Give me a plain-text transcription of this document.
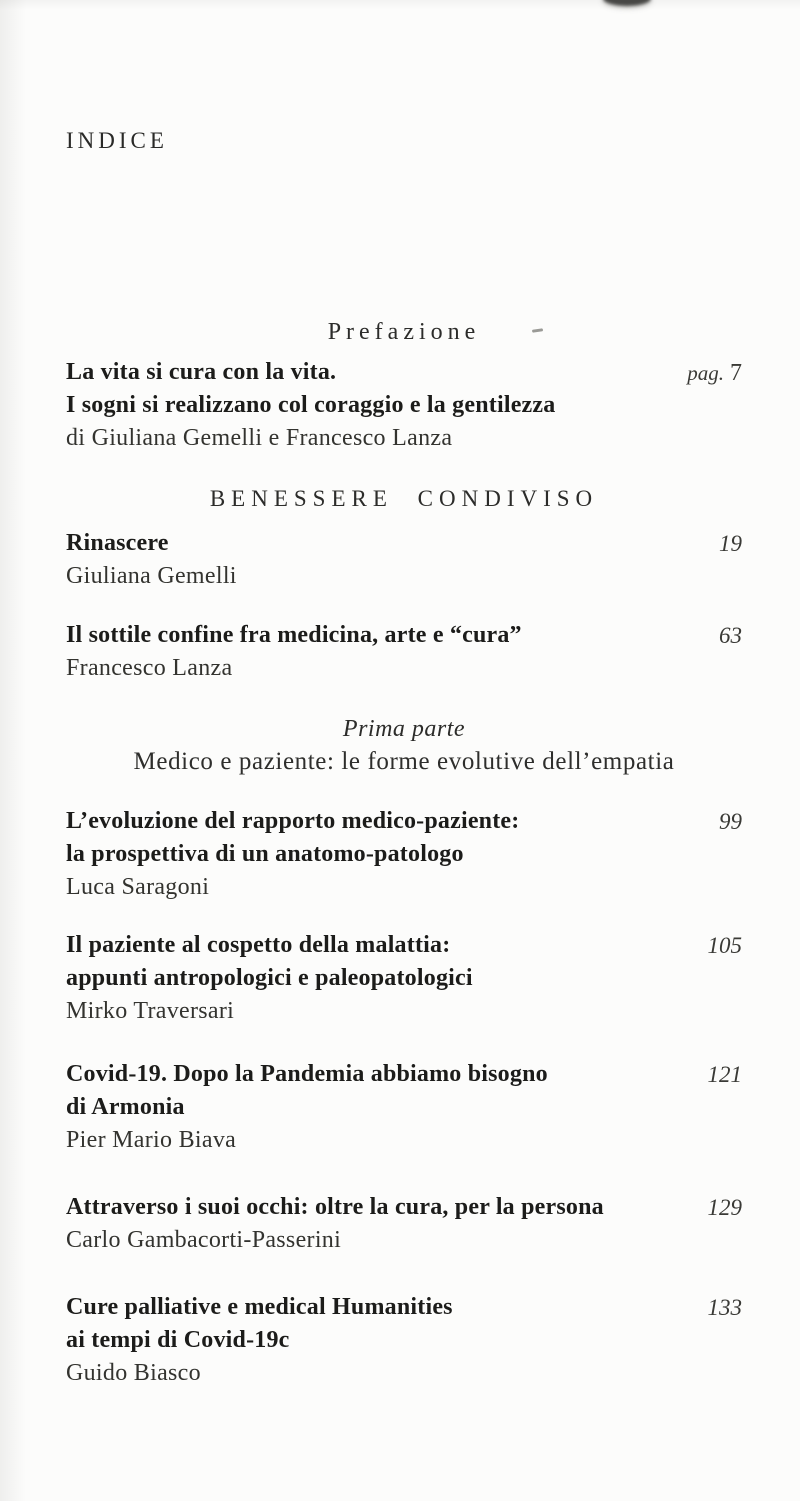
INDICE
Prefazione
La vita si cura con la vita.
I sogni si realizzano col coraggio e la gentilezza
di Giuliana Gemelli e Francesco Lanza
pag. 7
BENESSERE CONDIVISO
Rinascere
Giuliana Gemelli
19
Il sottile confine fra medicina, arte e “cura”
Francesco Lanza
63
Prima parte
Medico e paziente: le forme evolutive dell’empatia
L’evoluzione del rapporto medico-paziente:
la prospettiva di un anatomo-patologo
Luca Saragoni
99
Il paziente al cospetto della malattia:
appunti antropologici e paleopatologici
Mirko Traversari
105
Covid-19. Dopo la Pandemia abbiamo bisogno
di Armonia
Pier Mario Biava
121
Attraverso i suoi occhi: oltre la cura, per la persona
Carlo Gambacorti-Passerini
129
Cure palliative e medical Humanities
ai tempi di Covid-19c
Guido Biasco
133
